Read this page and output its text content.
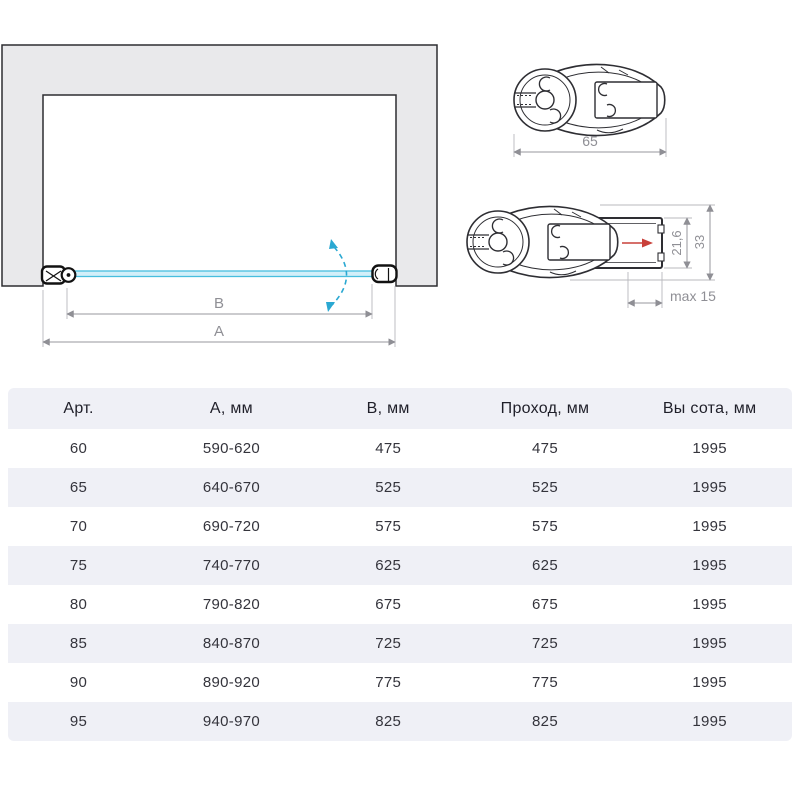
B
A
65
21,6 33
max 15
Арт.	А, мм	В, мм	Проход, мм	Вы сота, мм
60	590-620	475	475	1995
65	640-670	525	525	1995
70	690-720	575	575	1995
75	740-770	625	625	1995
80	790-820	675	675	1995
85	840-870	725	725	1995
90	890-920	775	775	1995
95	940-970	825	825	1995
